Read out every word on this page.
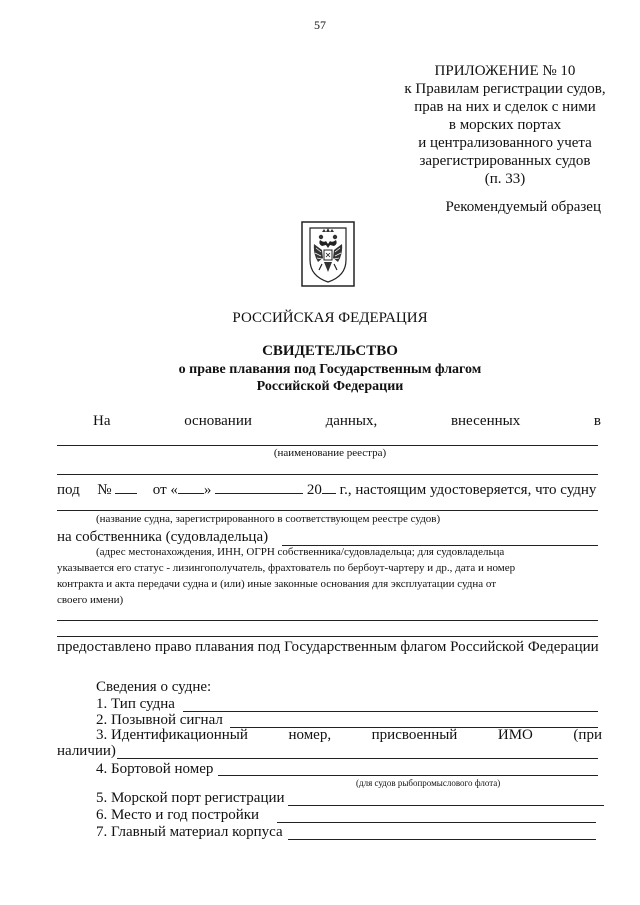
57
ПРИЛОЖЕНИЕ № 10
к Правилам регистрации судов,
прав на них и сделок с ними
в морских портах
и централизованного учета
зарегистрированных судов
(п. 33)
Рекомендуемый образец
РОССИЙСКАЯ ФЕДЕРАЦИЯ
СВИДЕТЕЛЬСТВО
о праве плавания под Государственным флагом
Российской Федерации
На	основании	данных,	внесенных	в
(наименование реестра)
под №	от « »	20 г., настоящим удостоверяется, что судну
(название судна, зарегистрированного в соответствующем реестре судов)
на собственника (судовладельца)
(адрес местонахождения, ИНН, ОГРН собственника/судовладельца; для судовладельца
указывается его статус - лизингополучатель, фрахтователь по бербоут-чартеру и др., дата и номер
контракта и акта передачи судна и (или) иные законные основания для эксплуатации судна от
своего имени)
предоставлено право плавания под Государственным флагом Российской Федерации
Сведения о судне:
1. Тип судна
2. Позывной сигнал
3. Идентификационный	номер,	присвоенный	ИМО	(при
наличии)
4. Бортовой номер
(для судов рыбопромыслового флота)
5. Морской порт регистрации
6. Место и год постройки
7. Главный материал корпуса
